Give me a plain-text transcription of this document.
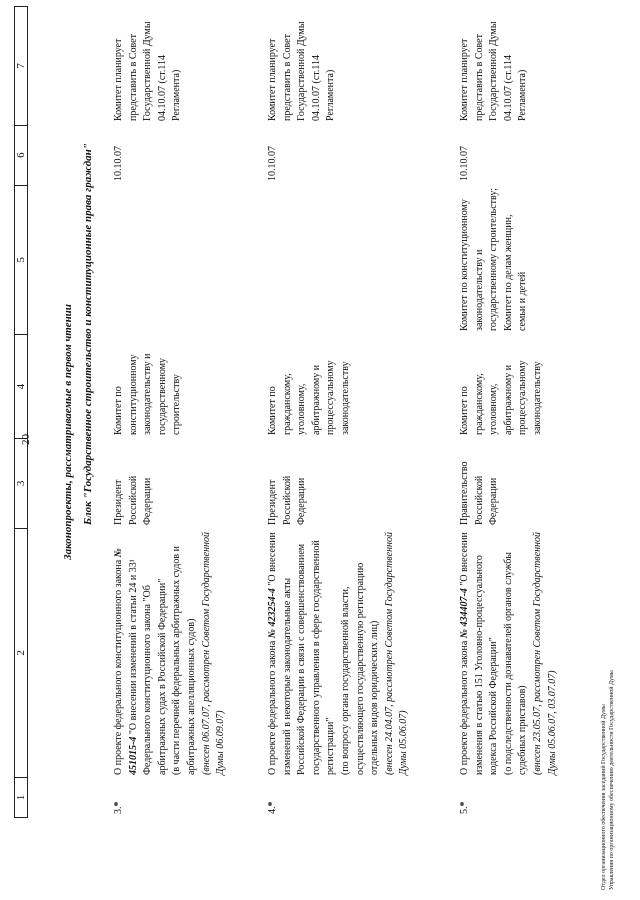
20
1
2
3
4
5
6
7
Законопроекты, рассматриваемые в первом чтении Блок "Государственное строительство и конституционные права граждан"
3.*

О проекте федерального конституционного закона № 451015-4 "О внесении изменений в статьи 24 и 33¹ Федерального конституционного закона "Об арбитражных судах в Российской Федерации" (в части перечней федеральных арбитражных судов и арбитражных апелляционных судов) (внесен 06.07.07, рассмотрен Советом Государственной Думы 06.09.07)

Президент Российской Федерации
Комитет по конституционному законодательству и государственному строительству
10.10.07
Комитет планирует представить в Совет Государственной Думы 04.10.07 (ст.114 Регламента)
4.*

О проекте федерального закона № 423254-4 "О внесении изменений в некоторые законодательные акты Российской Федерации в связи с совершенствованием государственного управления в сфере государственной регистрации" (по вопросу органа государственной власти, осуществляющего государственную регистрацию отдельных видов юридических лиц) (внесен 24.04.07, рассмотрен Советом Государственной Думы 05.06.07)

Президент Российской Федерации
Комитет по гражданскому, уголовному, арбитражному и процессуальному законодательству
10.10.07
Комитет планирует представить в Совет Государственной Думы 04.10.07 (ст.114 Регламента)
5.*

О проекте федерального закона № 434407-4 "О внесении изменения в статью 151 Уголовно-процессуального кодекса Российской Федерации" (о подследственности дознавателей органов службы судебных приставов) (внесен 23.05.07, рассмотрен Советом Государственной Думы 05.06.07, 03.07.07)

Правительство Российской Федерации
Комитет по гражданскому, уголовному, арбитражному и процессуальному законодательству
Комитет по конституционному законодательству и государственному строительству; Комитет по делам женщин, семьи и детей
10.10.07
Комитет планирует представить в Совет Государственной Думы 04.10.07 (ст.114 Регламента)
Отдел организационного обеспечения заседаний Государственной Думы Управления по организационному обеспечению деятельности Государственной Думы
